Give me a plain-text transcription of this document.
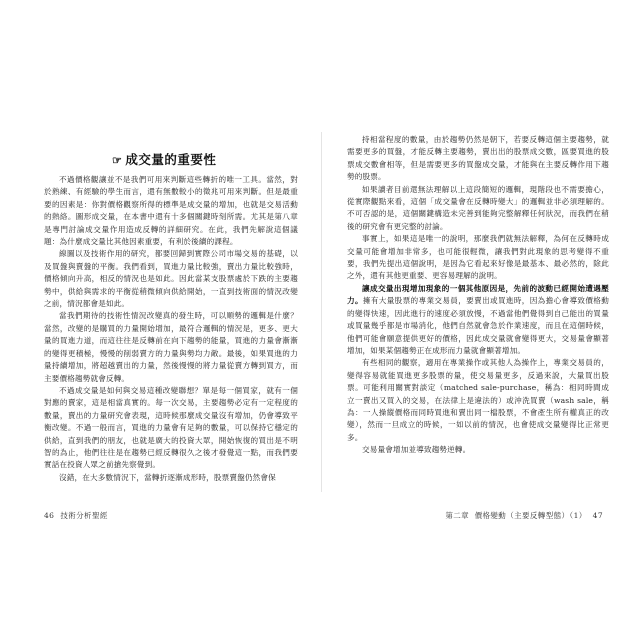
☞ 成交量的重要性

不過價格觀讓並不是我們可用來判斷這些轉折的唯一工具。當然，對於熟練、有經驗的學生而言，還有無數較小的徵兆可用來判斷。但是最重要的因素是：你對價格觀察所得的標準是成交量的增加，也就是交易活動的熱絡。圖形成交量，在本書中還有十多個關鍵時刻所需。尤其是第八章是專門討論成交量作用造成反轉的詳細研究。在此，我們先解說這個議題：為什麼成交量比其他因素重要，有利於後續的課程。

線圖以及技術作用的研究，都要回歸到實際公司市場交易的基礎，以及買盤與賣盤的平衡。我們看到，買進力量比較強，賣出力量比較強時，價格傾向升高，相反的情況也是如此。因此當某支股票處於下跌的主要趨勢中，供給與需求的平衡從稍微傾向供給開始，一直到技術面的情況改變之前，情況都會是如此。

當我們期待的技術性情況改變真的發生時，可以順勢的邏輯是什麼？當然，改變的是購買的力量開始增加，最符合邏輯的情況是，更多、更大量的買進力道，而這往往是反轉前在向下趨勢的能量，買進的力量會漸漸的變得更積極，慢慢的削弱賣方的力量與勢均力敵。最後，如果買進的力量持續增加，將超越賣出的力量，然後慢慢的將力量從賣方轉到買方，而主要價格趨勢就會反轉。

不過成交量是如何與交易這種改變聯想？單是每一個買家，就有一個對應的賣家，這是相當真實的。每一次交易，主要趨勢必定有一定程度的數量，賣出的力量研究會表現，這時候那麼成交量沒有增加，仍會導致平衡改變。不過一般而言，買進的力量會有足夠的數量，可以保持它穩定的供給，直到我們的朋友，也就是廣大的投資大眾，開始恢復的買出是不明智的為止，他們往往是在趨勢已經反轉很久之後才發覺這一點，而我們要實話在投資人眾之前搶先察覺到。

沒錯，在大多數情況下，當轉折逐漸成形時，股票賣盤仍然會保

46 技術分析聖經

持相當程度的數量，由於趨勢仍然是朝下，若要反轉這個主要趨勢，就需要更多的買盤，才能反轉主要趨勢，賣出出的股票成交數，區要買進的股票成交數會相等，但是需要更多的買盤成交量，才能與在主要反轉作用下趨勢的股票。

如果讀者目前還無法理解以上這段簡短的邏輯，現階段也不需要擔心，從實際觀點來看，這個「成交量會在反轉時變大」的邏輯並非必須理解的。不可否認的是，這個關鍵構造未完善到能夠完整解釋任何狀況，而我們在稍後的研究會有更完整的討論。

事實上，如果這是唯一的說明，那麼我們就無法解釋，為何在反轉時成交量可能會增加非常多，也可能很輕微，讓我們對此現象的思考變得不重要，我們先提出這個說明，是因為它看起來好像是最基本、最必然的，除此之外，還有其他更重要、更容易理解的說明。

讓成交量出現增加現象的一個其他原因是，先前的波動已經開始遭遇壓力。擁有大量股票的專業交易員，要賣出或買進時，因為擔心會導致價格動的變得快速，因此進行的速度必須放慢，不過當他們覺得到自己能出的買量或買量幾乎都是市場消化，他們自然就會急於作業速度，而且在這個時候，他們可能會願意提供更好的價格，因此成交量就會變得更大，交易量會顯著增加，如果某個趨勢正在成形而力量就會顯著增加。

有些相同的觀察，適用在專業操作或其他人為操作上，專業交易員的，變得容易就能買進更多股票的量，使交易量更多，反過來說，大量買出股票。可能利用關實對談定（matched sale-purchase，稱為：相同時間成立一賣出又買入的交易，在法律上是違法的）或沖洗買賣（wash sale，稱為：一人操縱價格而同時買進和賣出同一檔股票，不會產生所有權真正的改變），然而一旦成立的時候，一如以前的情況，也會使成交量變得比正常更多。

交易量會增加並導致趨勢逆轉。

第二章 價格變動（主要反轉型態）（1） 47
